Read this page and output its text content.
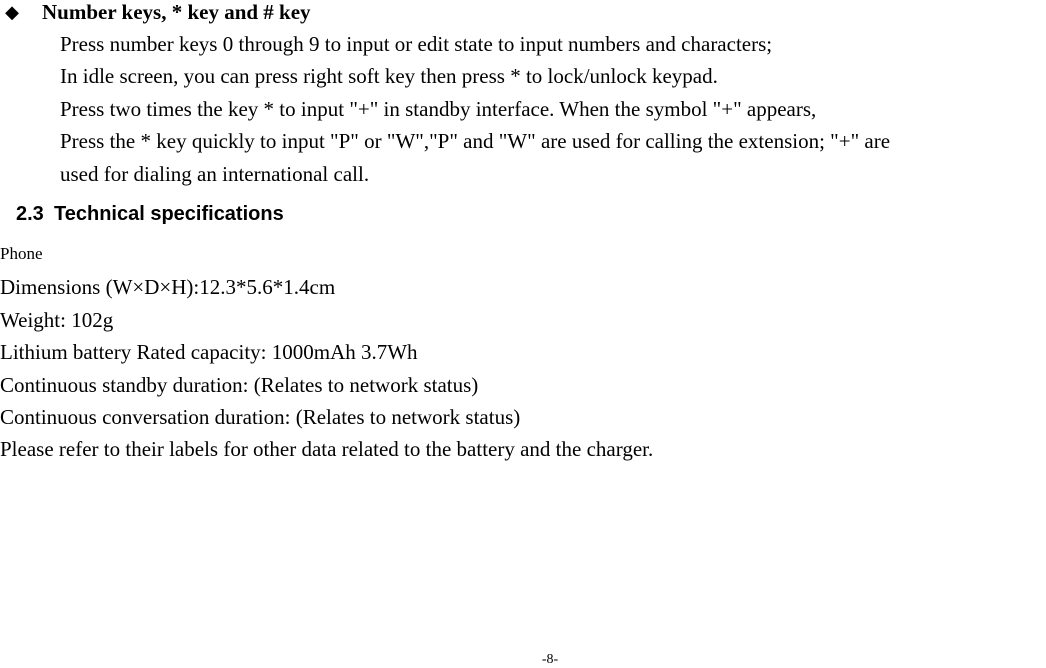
◆ Number keys, * key and # key
Press number keys 0 through 9 to input or edit state to input numbers and characters;
In idle screen, you can press right soft key then press * to lock/unlock keypad.
Press two times the key * to input "+" in standby interface. When the symbol "+" appears,
Press the * key quickly to input "P" or "W","P" and "W" are used for calling the extension; "+" are
used for dialing an international call.
2.3 Technical specifications
Phone
Dimensions (W×D×H):12.3*5.6*1.4cm
Weight: 102g
Lithium battery Rated capacity: 1000mAh 3.7Wh
Continuous standby duration: (Relates to network status)
Continuous conversation duration: (Relates to network status)
Please refer to their labels for other data related to the battery and the charger.
-8-
